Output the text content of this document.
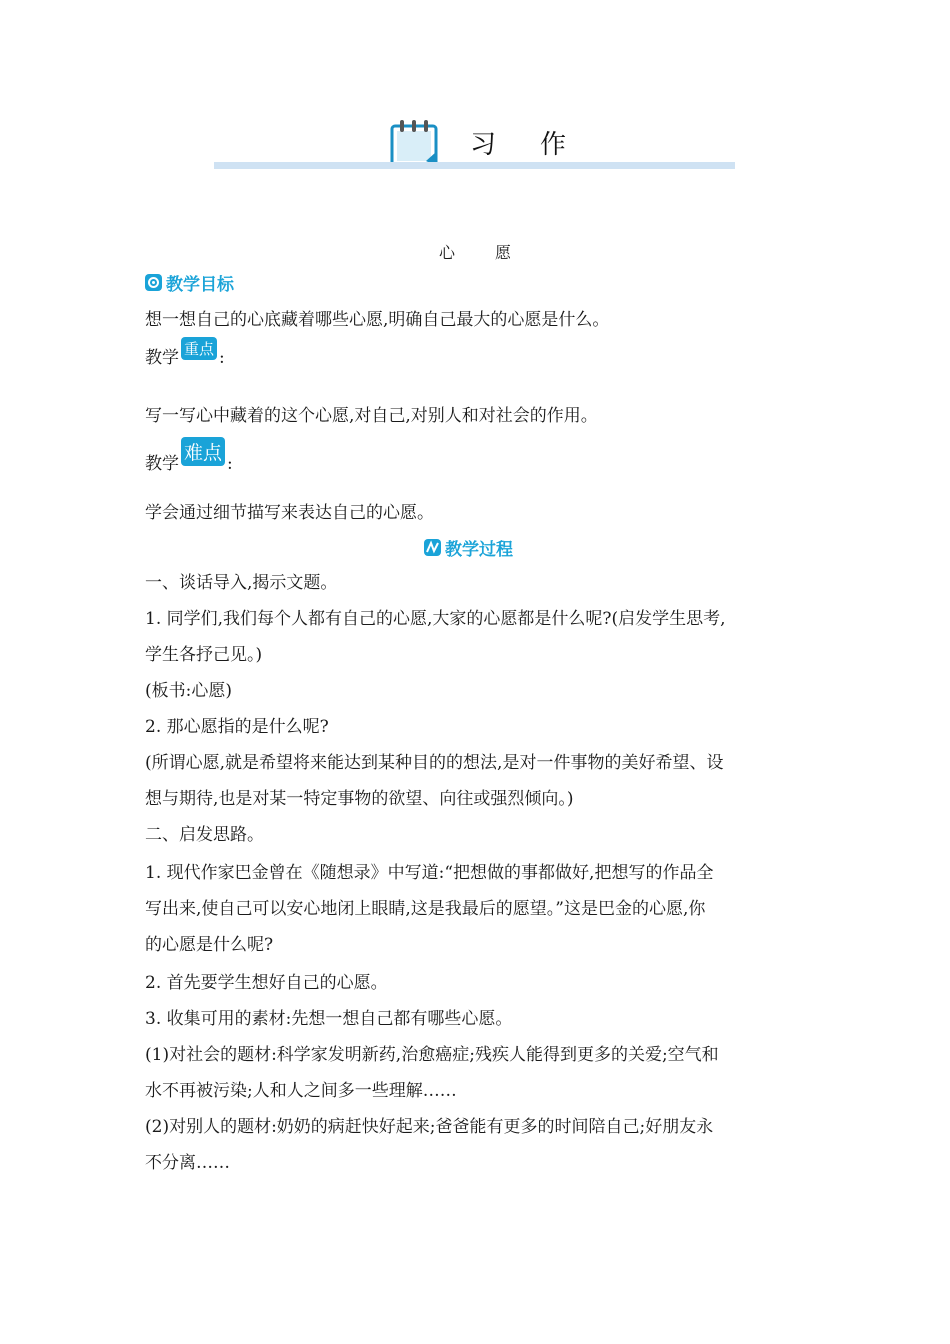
习作
心愿
教学目标
想一想自己的心底藏着哪些心愿,明确自己最大的心愿是什么。
教学 重点 :
写一写心中藏着的这个心愿,对自己,对别人和对社会的作用。
教学 难点 :
学会通过细节描写来表达自己的心愿。
教学过程
一、谈话导入,揭示文题。
1. 同学们,我们每个人都有自己的心愿,大家的心愿都是什么呢?(启发学生思考,
学生各抒己见。)
(板书:心愿)
2. 那心愿指的是什么呢?
(所谓心愿,就是希望将来能达到某种目的的想法,是对一件事物的美好希望、设
想与期待,也是对某一特定事物的欲望、向往或强烈倾向。)
二、启发思路。
1. 现代作家巴金曾在《随想录》中写道:“把想做的事都做好,把想写的作品全
写出来,使自己可以安心地闭上眼睛,这是我最后的愿望。”这是巴金的心愿,你
的心愿是什么呢?
2. 首先要学生想好自己的心愿。
3. 收集可用的素材:先想一想自己都有哪些心愿。
(1)对社会的题材:科学家发明新药,治愈癌症;残疾人能得到更多的关爱;空气和
水不再被污染;人和人之间多一些理解……
(2)对别人的题材:奶奶的病赶快好起来;爸爸能有更多的时间陪自己;好朋友永
不分离……
